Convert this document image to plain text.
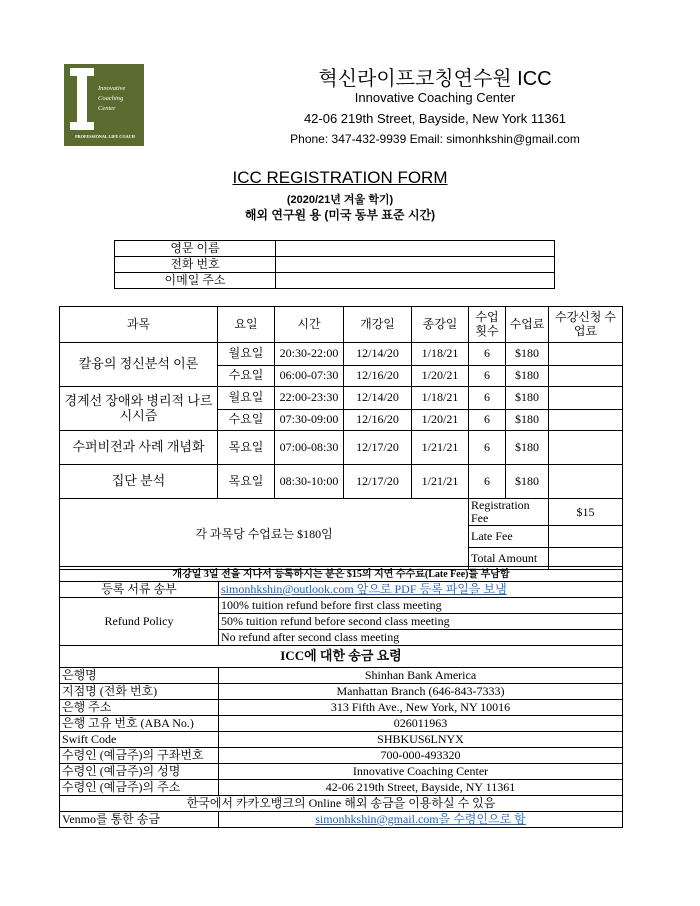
Innovative
Coaching
Center
PROFESSIONAL LIFE COACH
혁신라이프코칭연수원 ICC
Innovative Coaching Center
42-06 219th Street, Bayside, New York 11361
Phone: 347-432-9939 Email: simonhkshin@gmail.com
ICC REGISTRATION FORM
(2020/21년 겨울 학기)
해외 연구원 용 (미국 동부 표준 시간)
영문 이름	
전화 번호	
이메일 주소	
과목	요일	시간	개강일	종강일	수업 횟수	수업료	수강신청 수업료
칼융의 정신분석 이론	월요일	20:30-22:00	12/14/20	1/18/21	6	$180	
	수요일	06:00-07:30	12/16/20	1/20/21	6	$180	
경계선 장애와 병리적 나르시시즘	월요일	22:00-23:30	12/14/20	1/18/21	6	$180	
	수요일	07:30-09:00	12/16/20	1/20/21	6	$180	
수퍼비전과 사례 개념화	목요일	07:00-08:30	12/17/20	1/21/21	6	$180	
집단 분석	목요일	08:30-10:00	12/17/20	1/21/21	6	$180	
각 과목당 수업료는 $180임					Registration Fee		$15
					Late Fee		
					Total Amount		
개강일 3일 전을 지나서 등록하시는 분은 $15의 지연 수수료(Late Fee)를 부담함	
등록 서류 송부	simonhkshin@outlook.com 앞으로 PDF 등록 파일을 보냄
Refund Policy	100% tuition refund before first class meeting
	50% tuition refund before second class meeting
	No refund after second class meeting
ICC에 대한 송금 요령	
은행명	Shinhan Bank America
지점명 (전화 번호)	Manhattan Branch (646-843-7333)
은행 주소	313 Fifth Ave., New York, NY 10016
은행 고유 번호 (ABA No.)	026011963
Swift Code	SHBKUS6LNYX
수령인 (예금주)의 구좌번호	700-000-493320
수령인 (예금주)의 성명	Innovative Coaching Center
수령인 (예금주)의 주소	42-06 219th Street, Bayside, NY 11361
한국에서 카카오뱅크의 Online 해외 송금을 이용하실 수 있음	
Venmo를 통한 송금	simonhkshin@gmail.com을 수령인으로 함
